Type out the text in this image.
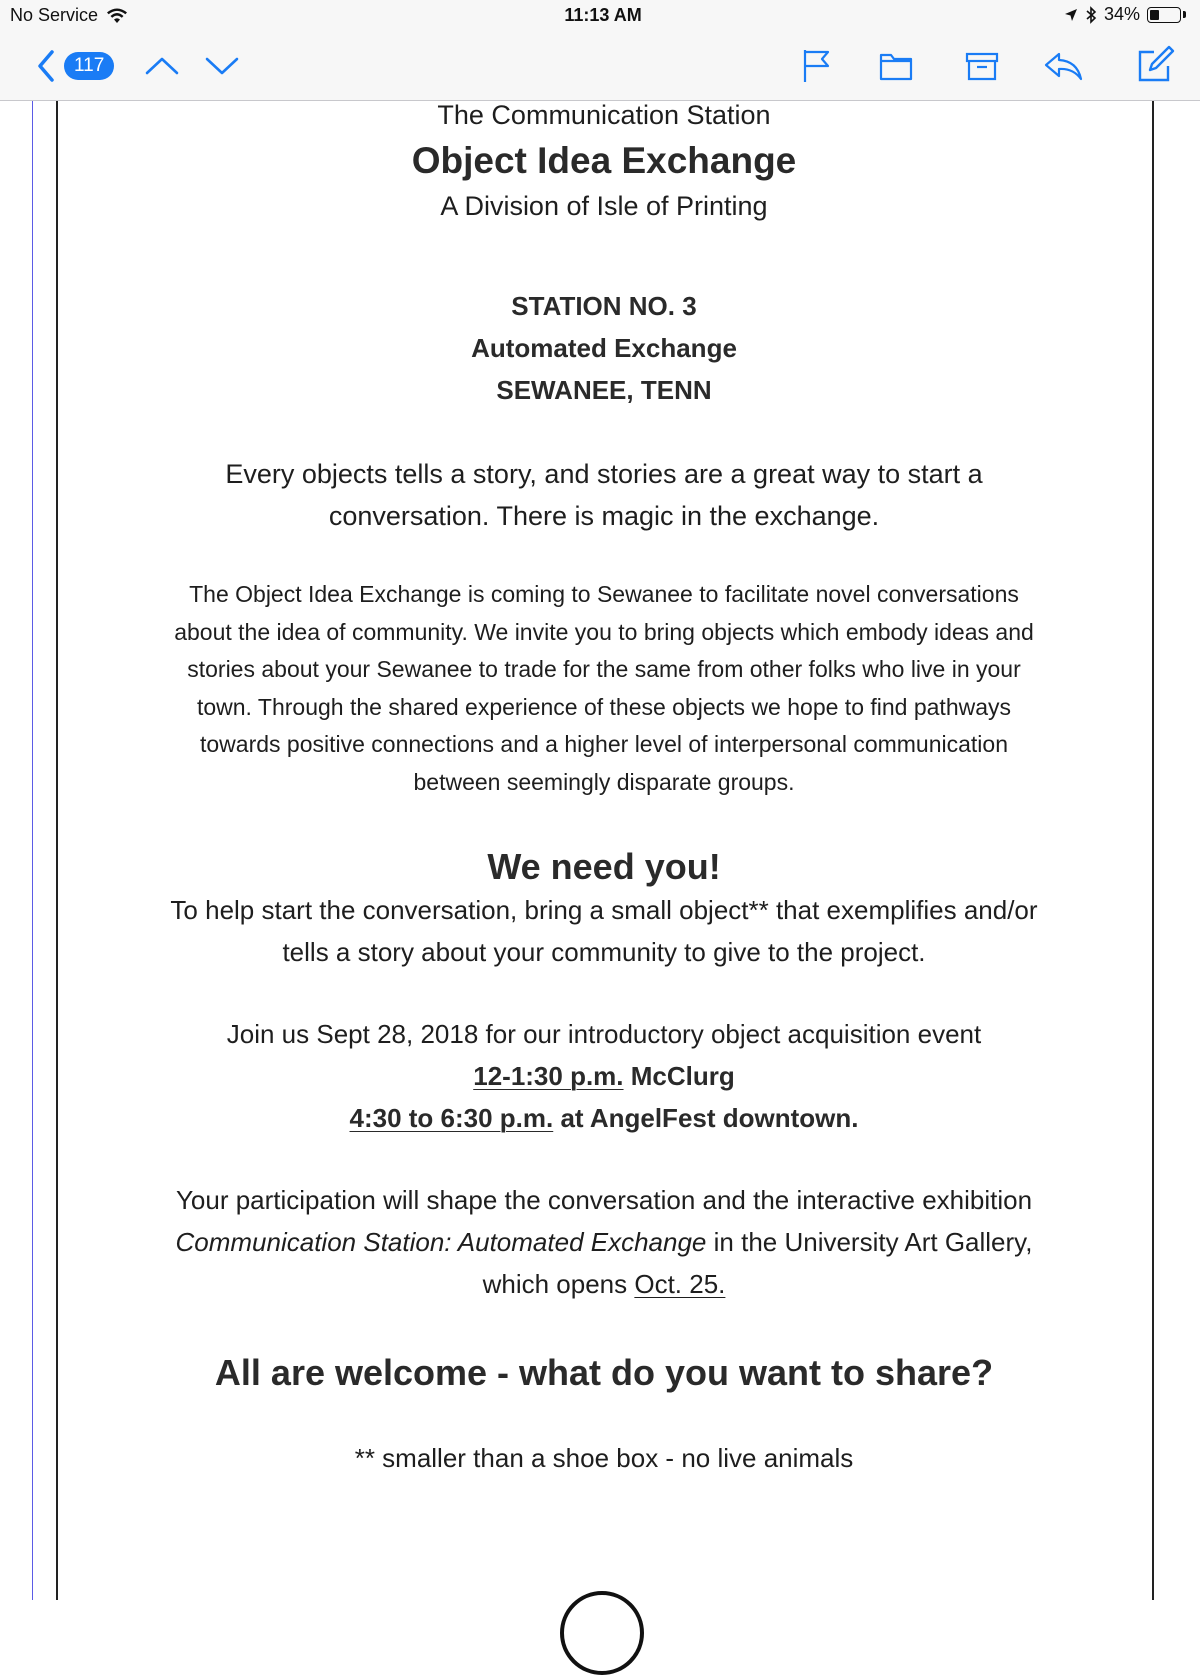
No Service	11:13 AM	34%
117

The Communication Station

Object Idea Exchange

A Division of Isle of Printing

STATION NO. 3

Automated Exchange

SEWANEE, TENN

Every objects tells a story, and stories are a great way to start a

conversation. There is magic in the exchange.

The Object Idea Exchange is coming to Sewanee to facilitate novel conversations

about the idea of community. We invite you to bring objects which embody ideas and

stories about your Sewanee to trade for the same from other folks who live in your

town. Through the shared experience of these objects we hope to find pathways

towards positive connections and a higher level of interpersonal communication

between seemingly disparate groups.

We need you!

To help start the conversation, bring a small object** that exemplifies and/or

tells a story about your community to give to the project.

Join us Sept 28, 2018 for our introductory object acquisition event

12-1:30 p.m. McClurg

4:30 to 6:30 p.m. at AngelFest downtown.

Your participation will shape the conversation and the interactive exhibition

Communication Station: Automated Exchange in the University Art Gallery,

which opens Oct. 25.

All are welcome - what do you want to share?

** smaller than a shoe box - no live animals
